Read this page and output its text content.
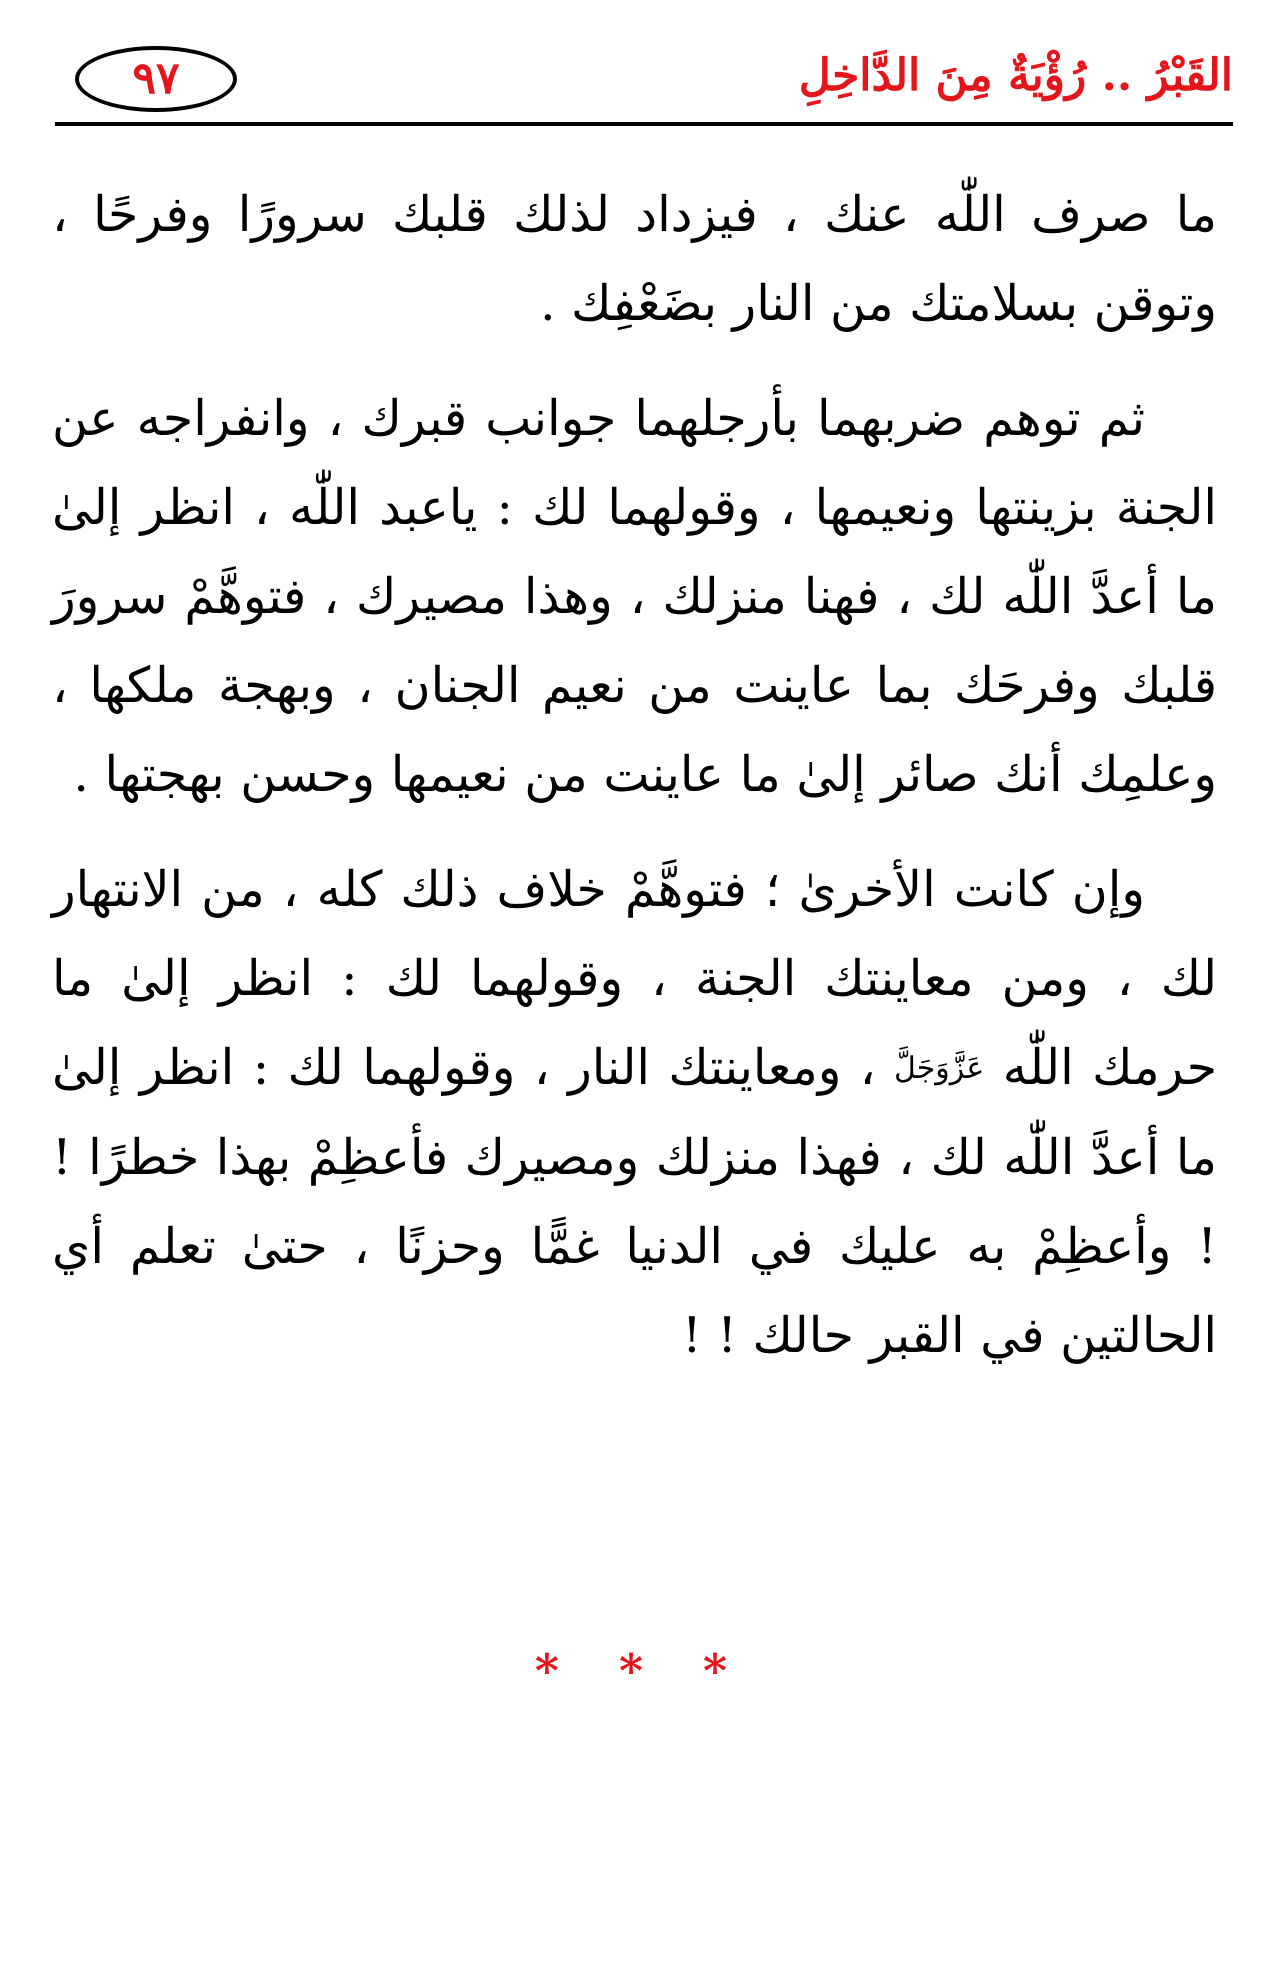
٩٧	القَبْرُ .. رُؤْيَةٌ مِنَ الدَّاخِلِ

ما صرف اللّٰه عنك ، فيزداد لذلك قلبك سرورًا وفرحًا ، وتوقن بسلامتك من النار بضَعْفِك .

ثم توهم ضربهما بأرجلهما جوانب قبرك ، وانفراجه عن الجنة بزينتها ونعيمها ، وقولهما لك : ياعبد اللّٰه ، انظر إلىٰ ما أعدَّ اللّٰه لك ، فهنا منزلك ، وهذا مصيرك ، فتوهَّمْ سرورَ قلبك وفرحَك بما عاينت من نعيم الجنان ، وبهجة ملكها ، وعلمِك أنك صائر إلىٰ ما عاينت من نعيمها وحسن بهجتها .

وإن كانت الأخرىٰ ؛ فتوهَّمْ خلاف ذلك كله ، من الانتهار لك ، ومن معاينتك الجنة ، وقولهما لك : انظر إلىٰ ما حرمك اللّٰه عَزَّوَجَلَّ ، ومعاينتك النار ، وقولهما لك : انظر إلىٰ ما أعدَّ اللّٰه لك ، فهذا منزلك ومصيرك فأعظِمْ بهذا خطرًا ! ! وأعظِمْ به عليك في الدنيا غمًّا وحزنًا ، حتىٰ تعلم أي الحالتين في القبر حالك ! !

* * *
